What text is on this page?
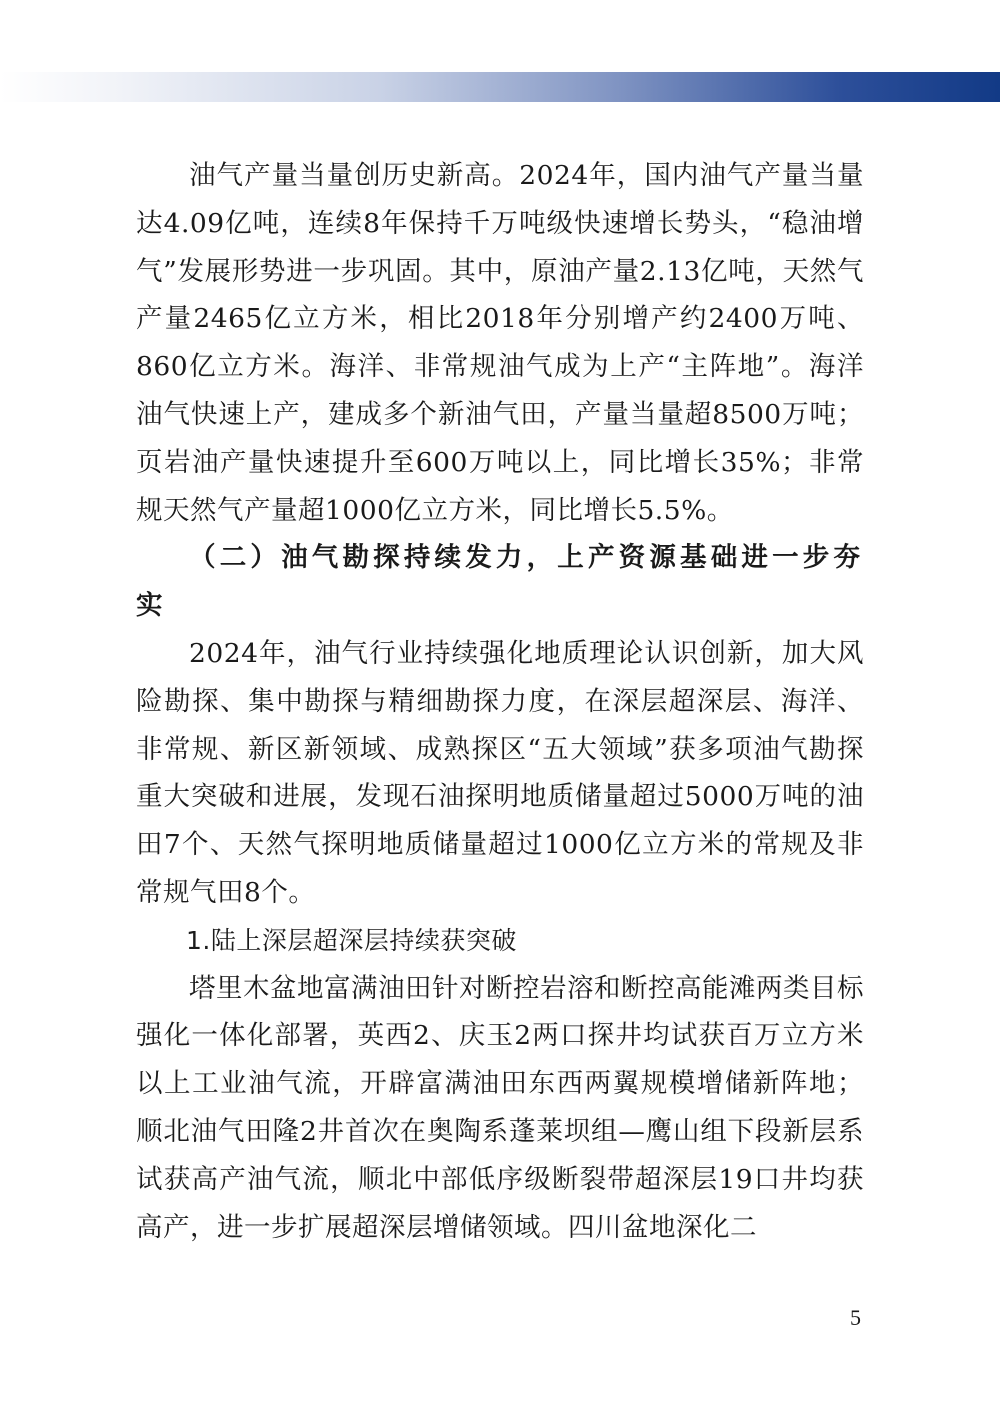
油气产量当量创历史新高。2024年，国内油气产量当量达4.09亿吨，连续8年保持千万吨级快速增长势头，“稳油增气”发展形势进一步巩固。其中，原油产量2.13亿吨，天然气产量2465亿立方米，相比2018年分别增产约2400万吨、860亿立方米。海洋、非常规油气成为上产“主阵地”。海洋油气快速上产，建成多个新油气田，产量当量超8500万吨；页岩油产量快速提升至600万吨以上，同比增长35%；非常规天然气产量超1000亿立方米，同比增长5.5%。

（二）油气勘探持续发力，上产资源基础进一步夯实

2024年，油气行业持续强化地质理论认识创新，加大风险勘探、集中勘探与精细勘探力度，在深层超深层、海洋、非常规、新区新领域、成熟探区“五大领域”获多项油气勘探重大突破和进展，发现石油探明地质储量超过5000万吨的油田7个、天然气探明地质储量超过1000亿立方米的常规及非常规气田8个。

1.陆上深层超深层持续获突破

塔里木盆地富满油田针对断控岩溶和断控高能滩两类目标强化一体化部署，英西2、庆玉2两口探井均试获百万立方米以上工业油气流，开辟富满油田东西两翼规模增储新阵地；顺北油气田隆2井首次在奥陶系蓬莱坝组—鹰山组下段新层系试获高产油气流，顺北中部低序级断裂带超深层19口井均获高产，进一步扩展超深层增储领域。四川盆地深化二

5
